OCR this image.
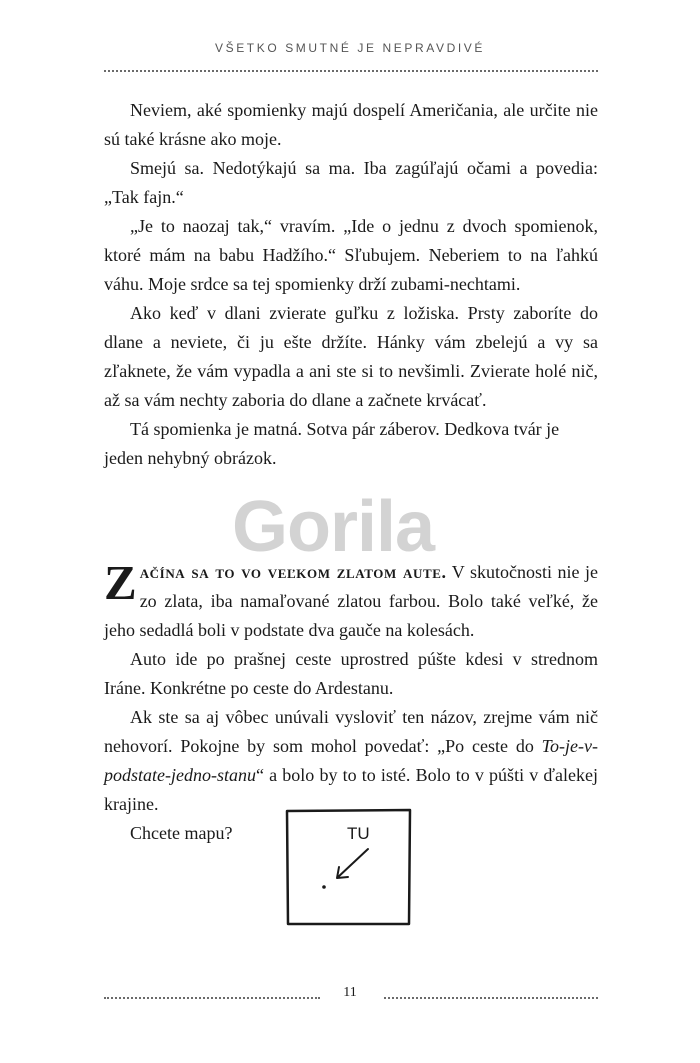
VŠETKO SMUTNÉ JE NEPRAVDIVÉ

Neviem, aké spomienky majú dospelí Američania, ale určite nie sú také krásne ako moje.

Smejú sa. Nedotýkajú sa ma. Iba zagúľajú očami a povedia: „Tak fajn.“

„Je to naozaj tak,“ vravím. „Ide o jednu z dvoch spomienok, ktoré mám na babu Hadžího.“ Sľubujem. Neberiem to na ľahkú váhu. Moje srdce sa tej spomienky drží zubami-nechtami.

Ako keď v dlani zvierate guľku z ložiska. Prsty zaboríte do dlane a neviete, či ju ešte držíte. Hánky vám zbelejú a vy sa zľaknete, že vám vypadla a ani ste si to nevšimli. Zvierate holé nič, až sa vám nechty zaboria do dlane a začnete krvácať.

Tá spomienka je matná. Sotva pár záberov. Dedkova tvár je jeden nehybný obrázok.

Začína sa to vo veľkom zlatom aute. V skutočnosti nie je zo zlata, iba namaľované zlatou farbou. Bolo také veľké, že jeho sedadlá boli v podstate dva gauče na kolesách.

Auto ide po prašnej ceste uprostred púšte kdesi v strednom Iráne. Konkrétne po ceste do Ardestanu.

Ak ste sa aj vôbec unúvali vysloviť ten názov, zrejme vám nič nehovorí. Pokojne by som mohol povedať: „Po ceste do To-je-v-podstate-jedno-stanu“ a bolo by to to isté. Bolo to v púšti v ďalekej krajine.

Chcete mapu?

Gorila
TU
11
